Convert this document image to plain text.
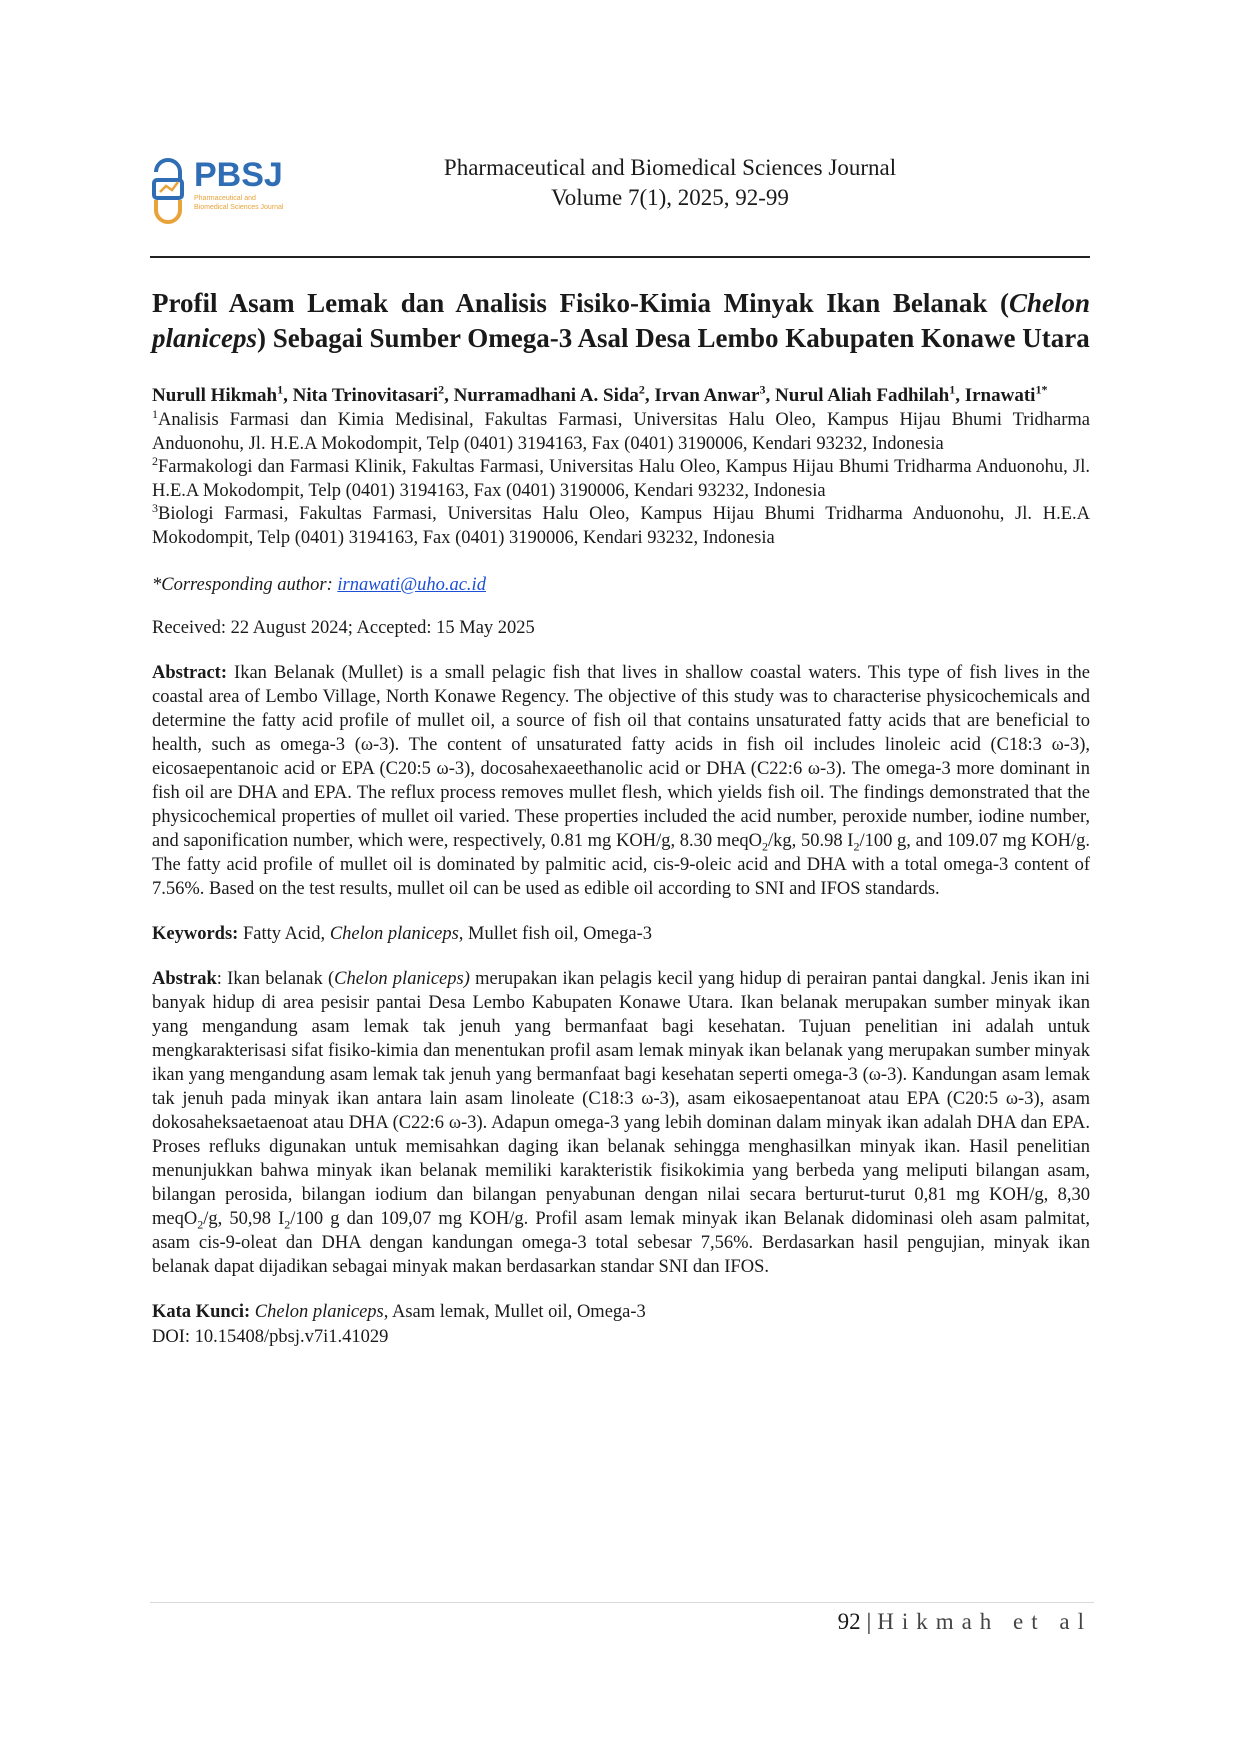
PBSJ
Pharmaceutical and
Biomedical Sciences Journal
Pharmaceutical and Biomedical Sciences Journal
Volume 7(1), 2025, 92-99
Profil Asam Lemak dan Analisis Fisiko-Kimia Minyak Ikan Belanak (Chelon planiceps) Sebagai Sumber Omega-3 Asal Desa Lembo Kabupaten Konawe Utara
Nurull Hikmah$^1$, Nita Trinovitasari$^2$, Nurramadhani A. Sida$^2$, Irvan Anwar$^3$, Nurul Aliah Fadhilah$^1$, Irnawati$^{1*}$
$^1$Analisis Farmasi dan Kimia Medisinal, Fakultas Farmasi, Universitas Halu Oleo, Kampus Hijau Bhumi Tridharma Anduonohu, Jl. H.E.A Mokodompit, Telp (0401) 3194163, Fax (0401) 3190006, Kendari 93232, Indonesia
$^2$Farmakologi dan Farmasi Klinik, Fakultas Farmasi, Universitas Halu Oleo, Kampus Hijau Bhumi Tridharma Anduonohu, Jl. H.E.A Mokodompit, Telp (0401) 3194163, Fax (0401) 3190006, Kendari 93232, Indonesia
$^3$Biologi Farmasi, Fakultas Farmasi, Universitas Halu Oleo, Kampus Hijau Bhumi Tridharma Anduonohu, Jl. H.E.A Mokodompit, Telp (0401) 3194163, Fax (0401) 3190006, Kendari 93232, Indonesia
*Corresponding author: irnawati@uho.ac.id
Received: 22 August 2024; Accepted: 15 May 2025
Abstract: Ikan Belanak (Mullet) is a small pelagic fish that lives in shallow coastal waters. This type of fish lives in the coastal area of Lembo Village, North Konawe Regency. The objective of this study was to characterise physicochemicals and determine the fatty acid profile of mullet oil, a source of fish oil that contains unsaturated fatty acids that are beneficial to health, such as omega-3 (ω-3). The content of unsaturated fatty acids in fish oil includes linoleic acid (C18:3 ω-3), eicosaepentanoic acid or EPA (C20:5 ω-3), docosahexaeethanolic acid or DHA (C22:6 ω-3). The omega-3 more dominant in fish oil are DHA and EPA. The reflux process removes mullet flesh, which yields fish oil. The findings demonstrated that the physicochemical properties of mullet oil varied. These properties included the acid number, peroxide number, iodine number, and saponification number, which were, respectively, 0.81 mg KOH/g, 8.30 meqO$_2$/kg, 50.98 $I_2/100$ g, and 109.07 mg KOH/g. The fatty acid profile of mullet oil is dominated by palmitic acid, cis-9-oleic acid and DHA with a total omega-3 content of 7.56%. Based on the test results, mullet oil can be used as edible oil according to SNI and IFOS standards.
Keywords: Fatty Acid, Chelon planiceps, Mullet fish oil, Omega-3
Abstrak: Ikan belanak (Chelon planiceps) merupakan ikan pelagis kecil yang hidup di perairan pantai dangkal. Jenis ikan ini banyak hidup di area pesisir pantai Desa Lembo Kabupaten Konawe Utara. Ikan belanak merupakan sumber minyak ikan yang mengandung asam lemak tak jenuh yang bermanfaat bagi kesehatan. Tujuan penelitian ini adalah untuk mengkarakterisasi sifat fisiko-kimia dan menentukan profil asam lemak minyak ikan belanak yang merupakan sumber minyak ikan yang mengandung asam lemak tak jenuh yang bermanfaat bagi kesehatan seperti omega-3 (ω-3). Kandungan asam lemak tak jenuh pada minyak ikan antara lain asam linoleate (C18:3 ω-3), asam eikosaepentanoat atau EPA (C20:5 ω-3), asam dokosaheksaetaenoat atau DHA (C22:6 ω-3). Adapun omega-3 yang lebih dominan dalam minyak ikan adalah DHA dan EPA. Proses refluks digunakan untuk memisahkan daging ikan belanak sehingga menghasilkan minyak ikan. Hasil penelitian menunjukkan bahwa minyak ikan belanak memiliki karakteristik fisikokimia yang berbeda yang meliputi bilangan asam, bilangan perosida, bilangan iodium dan bilangan penyabunan dengan nilai secara berturut-turut 0,81 mg KOH/g, 8,30 meqO$_2$/g, 50,98 $I_2/100$ g dan 109,07 mg KOH/g. Profil asam lemak minyak ikan Belanak didominasi oleh asam palmitat, asam cis-9-oleat dan DHA dengan kandungan omega-3 total sebesar 7,56%. Berdasarkan hasil pengujian, minyak ikan belanak dapat dijadikan sebagai minyak makan berdasarkan standar SNI dan IFOS.
Kata Kunci: Chelon planiceps, Asam lemak, Mullet oil, Omega-3
DOI: 10.15408/pbsj.v7i1.41029
92 | Hikmah et al
